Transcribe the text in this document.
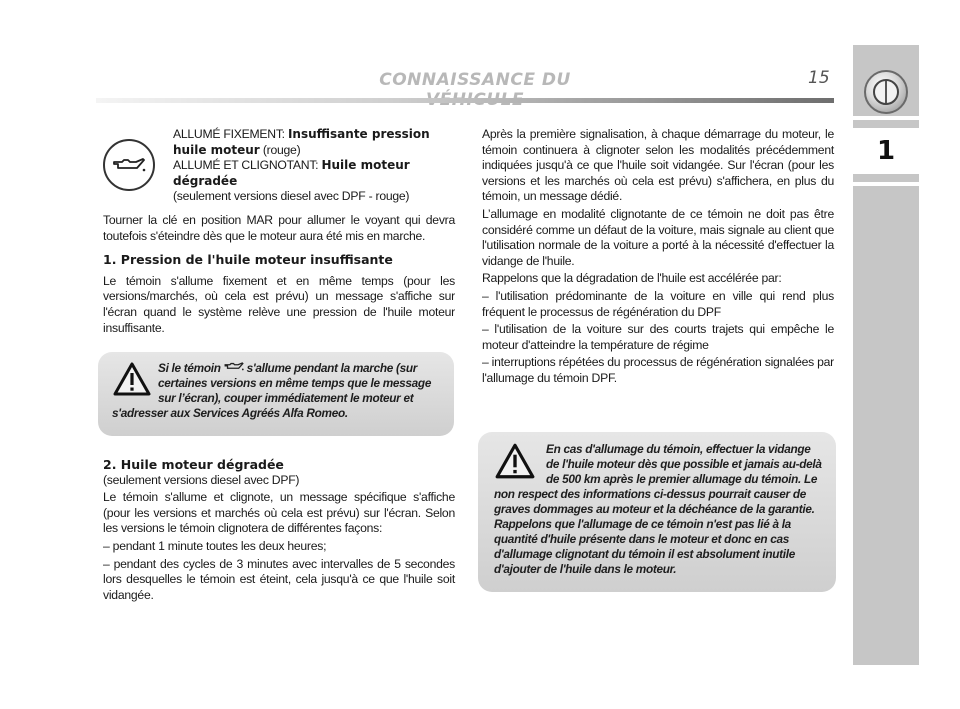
CONNAISSANCE DU	15
1
ALLUMÉ FIXEMENT: Insuffisante pression huile moteur (rouge)
ALLUMÉ ET CLIGNOTANT: Huile moteur dégradée
(seulement versions diesel avec DPF - rouge)

Tourner la clé en position MAR pour allumer le voyant qui devra toutefois s'éteindre dès que le moteur aura été mis en marche.

1. Pression de l'huile moteur insuffisante

Le témoin s'allume fixement et en même temps (pour les versions/marchés, où cela est prévu) un message s'affiche sur l'écran quand le système relève une pression de l'huile moteur insuffisante.

Si le témoin  s'allume pendant la marche (sur certaines versions en même temps que le message sur l’écran), couper immédiatement le moteur et s'adresser aux Services Agréés Alfa Romeo.

2. Huile moteur dégradée

(seulement versions diesel avec DPF)

Le témoin s'allume et clignote, un message spécifique s'affiche (pour les versions et marchés où cela est prévu) sur l'écran. Selon les versions le témoin clignotera de différentes façons:

– pendant 1 minute toutes les deux heures;

– pendant des cycles de 3 minutes avec intervalles de 5 secondes lors desquelles le témoin est éteint, cela jusqu'à ce que l'huile soit vidangée.

Après la première signalisation, à chaque démarrage du moteur, le témoin continuera à clignoter selon les modalités précédemment indiquées jusqu'à ce que l'huile soit vidangée. Sur l'écran (pour les versions et les marchés où cela est prévu) s'affichera, en plus du témoin, un message dédié.

L’allumage en modalité clignotante de ce témoin ne doit pas être considéré comme un défaut de la voiture, mais signale au client que l'utilisation normale de la voiture a porté à la nécessité d'effectuer la vidange de l'huile.

Rappelons que la dégradation de l'huile est accélérée par:

– l'utilisation prédominante de la voiture en ville qui rend plus fréquent le processus de régénération du DPF

– l'utilisation de la voiture sur des courts trajets qui empêche le moteur d'atteindre la température de régime

– interruptions répétées du processus de régénération signalées par l'allumage du témoin DPF.

En cas d'allumage du témoin, effectuer la vidange de l'huile moteur dès que possible et jamais au-delà de 500 km après le premier allumage du témoin. Le non respect des informations ci-dessus pourrait causer de graves dommages au moteur et la déchéance de la garantie. Rappelons que l'allumage de ce témoin n'est pas lié à la quantité d'huile présente dans le moteur et donc en cas d'allumage clignotant du témoin il est absolument inutile d'ajouter de l'huile dans le moteur.
